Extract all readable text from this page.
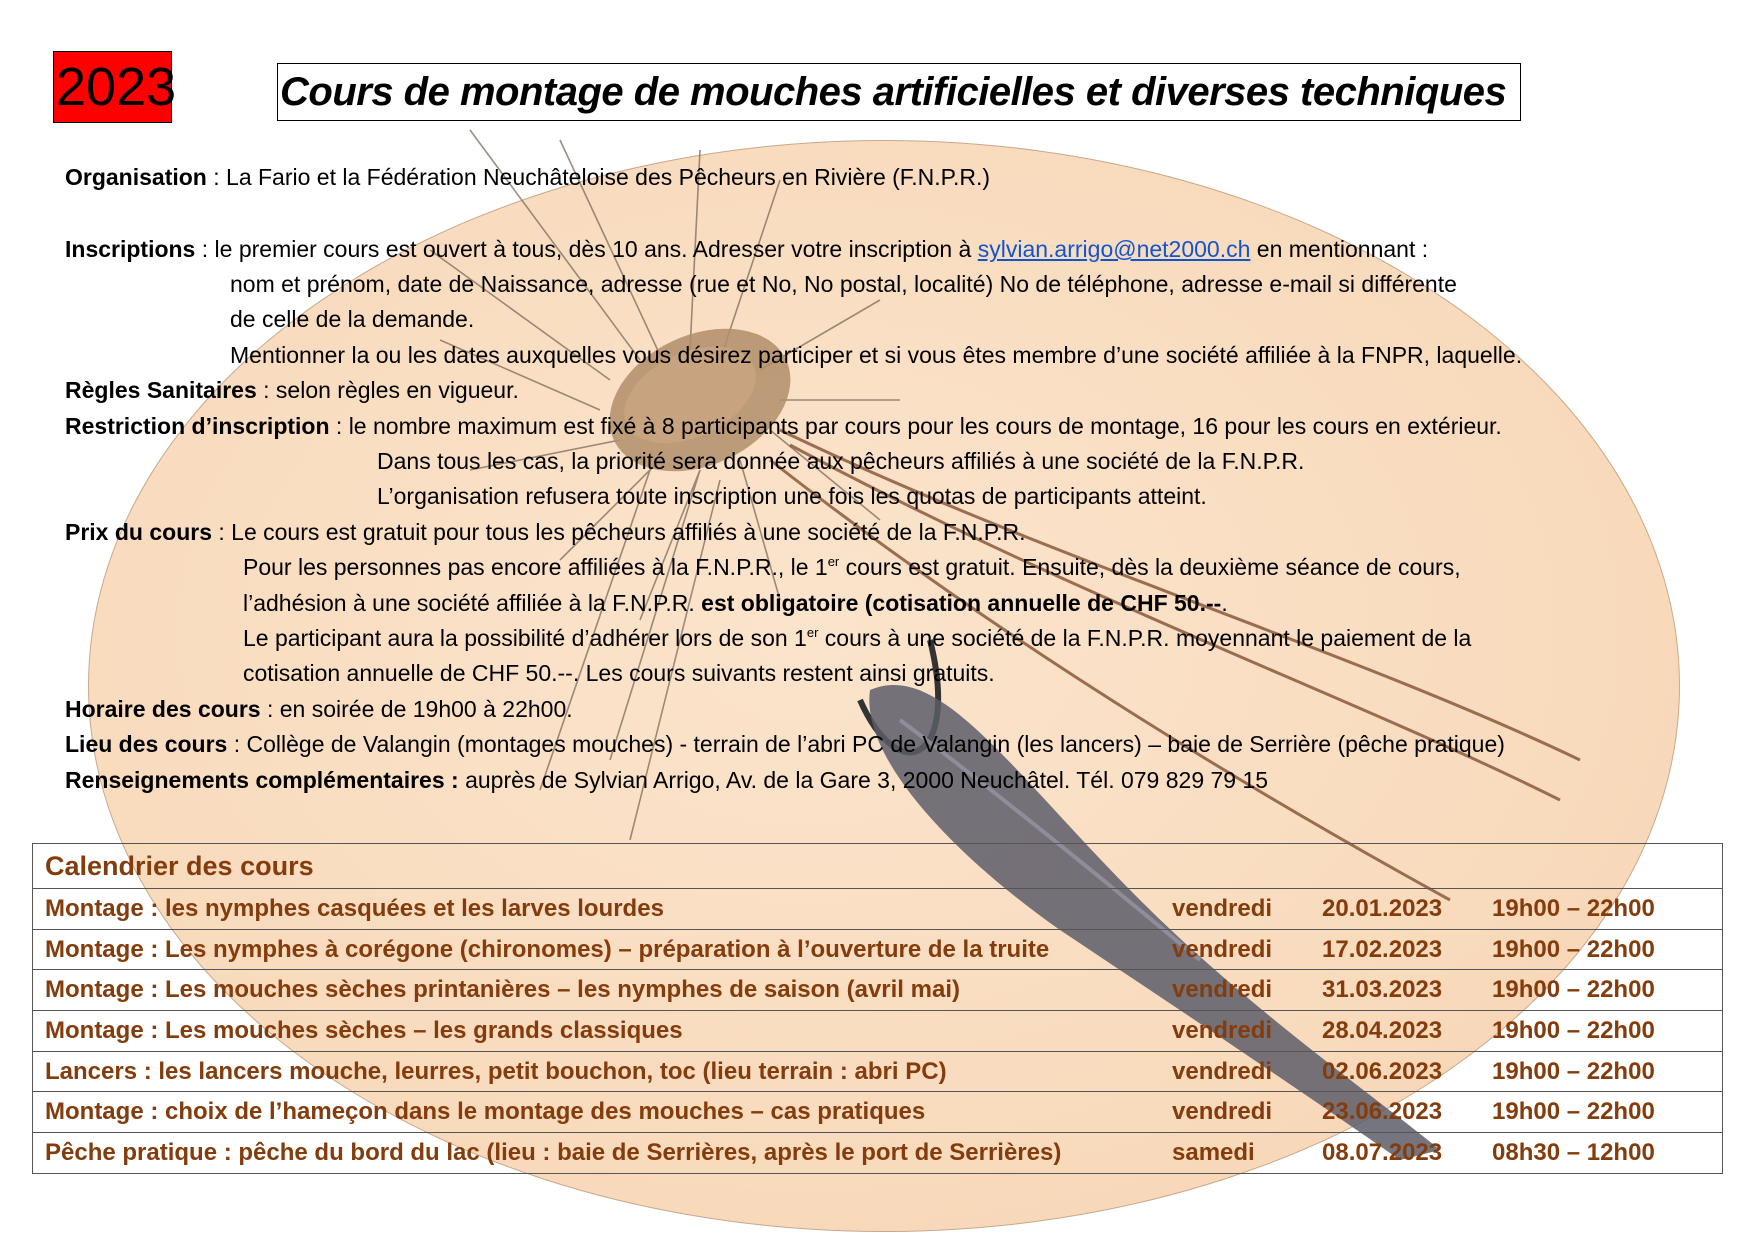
2023	Cours de montage de mouches artificielles et diverses techniques
Organisation : La Fario et la Fédération Neuchâteloise des Pêcheurs en Rivière (F.N.P.R.)
Inscriptions : le premier cours est ouvert à tous, dès 10 ans. Adresser votre inscription à sylvian.arrigo@net2000.ch en mentionnant :
nom et prénom, date de Naissance, adresse (rue et No, No postal, localité) No de téléphone, adresse e-mail si différente
de celle de la demande.
Mentionner la ou les dates auxquelles vous désirez participer et si vous êtes membre d’une société affiliée à la FNPR, laquelle.
Règles Sanitaires : selon règles en vigueur.
Restriction d’inscription : le nombre maximum est fixé à 8 participants par cours pour les cours de montage, 16 pour les cours en extérieur.
Dans tous les cas, la priorité sera donnée aux pêcheurs affiliés à une société de la F.N.P.R.
L’organisation refusera toute inscription une fois les quotas de participants atteint.
Prix du cours : Le cours est gratuit pour tous les pêcheurs affiliés à une société de la F.N.P.R.
Pour les personnes pas encore affiliées à la F.N.P.R., le 1er cours est gratuit. Ensuite, dès la deuxième séance de cours,
l’adhésion à une société affiliée à la F.N.P.R. est obligatoire (cotisation annuelle de CHF 50.--.
Le participant aura la possibilité d’adhérer lors de son 1er cours à une société de la F.N.P.R. moyennant le paiement de la
cotisation annuelle de CHF 50.--. Les cours suivants restent ainsi gratuits.
Horaire des cours : en soirée de 19h00 à 22h00.
Lieu des cours : Collège de Valangin (montages mouches) - terrain de l’abri PC de Valangin (les lancers) – baie de Serrière (pêche pratique)
Renseignements complémentaires : auprès de Sylvian Arrigo, Av. de la Gare 3, 2000 Neuchâtel. Tél. 079 829 79 15
Calendrier des cours			
Montage : les nymphes casquées et les larves lourdes	vendredi	20.01.2023	19h00 – 22h00
Montage : Les nymphes à corégone (chironomes) – préparation à l’ouverture de la truite	vendredi	17.02.2023	19h00 – 22h00
Montage : Les mouches sèches printanières – les nymphes de saison (avril mai)	vendredi	31.03.2023	19h00 – 22h00
Montage : Les mouches sèches – les grands classiques	vendredi	28.04.2023	19h00 – 22h00
Lancers : les lancers mouche, leurres, petit bouchon, toc (lieu terrain : abri PC)	vendredi	02.06.2023	19h00 – 22h00
Montage : choix de l’hameçon dans le montage des mouches – cas pratiques	vendredi	23.06.2023	19h00 – 22h00
Pêche pratique : pêche du bord du lac (lieu : baie de Serrières, après le port de Serrières)	samedi	08.07.2023	08h30 – 12h00
